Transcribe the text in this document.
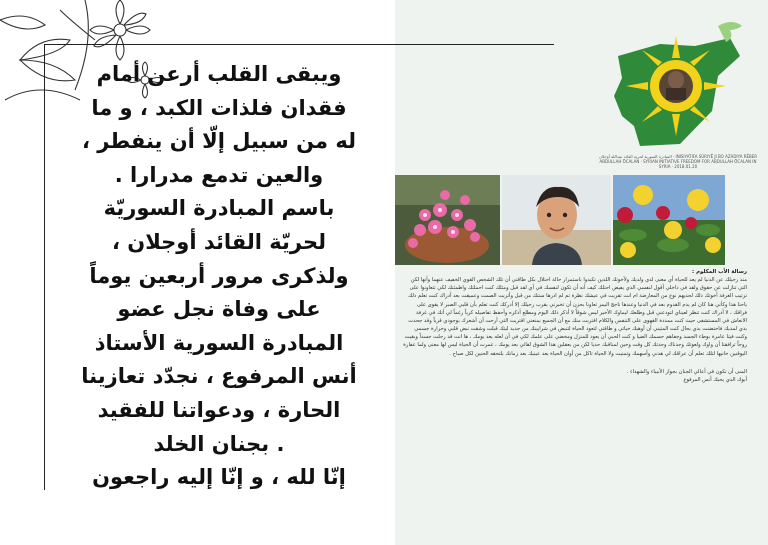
ويبقى القلب أرعن أمام
فقدان فلذات الكبد ، و ما
له من سبيل إلّا أن ينفطر ،
والعين تدمع مدرارا .
باسم المبادرة السوريّة
لحريّة القائد أوجلان ،
ولذكرى مرور أربعين يوماً
على وفاة نجل عضو
المبادرة السورية الأستاذ
أنس المرفوع ، نجدّد تعازينا
الحارة ، ودعواتنا للفقيد
. بجنان الخلد
إنّا لله ، و إنّا إليه راجعون
المبادرة السورية لحرية القائد عبدالله أوجلان · INISIYATIFA SÛRIYÊ JI BO AZADIYA RÊBER ABDULLAH ÖCALAN · SYRIAN INITIATIVE FREEDOM FOR ABDULLAH ÖCALAN IN SYRIA · 2018.01.20
رسالة الأب المكلوم :
منذ رحيلك عن الدنيا لم يعد للحياة أي معنى لدي ولديك ولأخوتك اللذين تكبدوا باستمرار حالة احتلال بكل طاقتي أن تلك الشخص القوي الخفيف عنهما وأنها لكن التي تنازلت عن حقوق ولقد في داخلي أقول لنفسي الذي يفيض احتلك كيف أنه أن تكون لنفسك في أي لقد قبل ومثلك كنت احملتك واطمئنك لكي تتعاونوا على ترتيب الغرفة أخوتك ذلك لحديهم نوع من المعارضة ام انت تقربت في عيشك نظرة تم لم ادرها ستتك من قبل وأتريت الصمت وعميقت بعد أدراك كنت تعلم ذلك ياحنا هذا وكأني هنا كان لم يدم القدوم بعد في الدنيا وعندها ناجج اليمر تعاونا بحزن أن تخبرني بقرب رحيلك إلا أدركك كنت تعلم بأن قلبي الصبر لا يقوى على فراقك ، لا أدراك كنت تنظر لعيناي لتودعني قبل وطلعك ليماوك الأخير ليس شوقاً لا أذكر ذلك اليوم ومطلع أذكره وأحفظ تفاصيله كرياً رغماً لي أنك في غرفة الانعاش في المستشفى حيث كنت ممددة القهوى على التنفس والكلام اقتربت منك مع أن الجميع بمنعني اقتربت التي أرحت أن أشعرك بوجودي قرباً وقد جحدت بدي لمديك فاحتضنت بدي بحال كنت المتيني أن أوهبك حياتي و طاقتي لتعود الحياة لتنبض في شرايينك من جديد ليتك قبلت وشقت نبض قلبي وحرارة جسمي وكنت فيتا عامرة بوطء الجسد وجفاهم حسمك الضيا و كنت الحبي أن يعود للمنزل ومخضي على علمك لكي في أن لعله يعد يومك ، ها انت قد رحلت جسداً وبقيت روحاً ترافقنا أن واوك ولعوتك وجدناك وجدتك كل وقت وحين لمناقبك حديا لكن من يعقلين هذا الشوق لقائي بعد يومك ، غمرت أن الحياة ليس لها معنى ولما عفارة اليوقنين خانيها لتلك تعلم أن عراقك لي هدني وأسهمك وتمنيت ولا الحياة تاكل من أوان الحياة بعد عينيك بعد زمانك بلتحقه الحنين لكل صباح .
المنى أن تكون في أعالي الجنان بجوار الأنبياء والشهداء .
أبوك الذي يحبك أنس المرفوع
